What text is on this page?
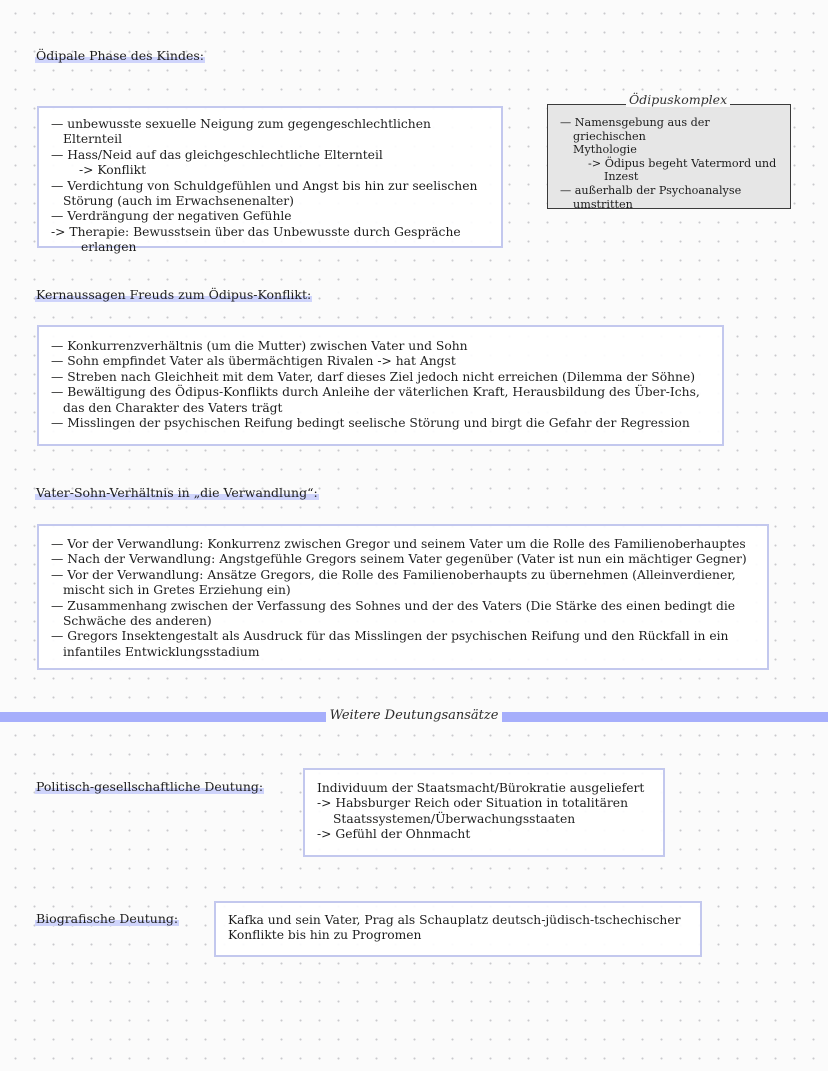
Ödipale Phase des Kindes:

— unbewusste sexuelle Neigung zum gegengeschlechtlichen Elternteil

— Hass/Neid auf das gleichgeschlechtliche Elternteil

-> Konflikt

— Verdichtung von Schuldgefühlen und Angst bis hin zur seelischen Störung (auch im Erwachsenenalter)

— Verdrängung der negativen Gefühle

-> Therapie: Bewusstsein über das Unbewusste durch Gespräche

erlangen

— Namensgebung aus der griechischen

Mythologie

-> Ödipus begeht Vatermord und

Inzest

— außerhalb der Psychoanalyse

umstritten

Ödipuskomplex
Kernaussagen Freuds zum Ödipus-Konflikt:

— Konkurrenzverhältnis (um die Mutter) zwischen Vater und Sohn

— Sohn empfindet Vater als übermächtigen Rivalen -> hat Angst

— Streben nach Gleichheit mit dem Vater, darf dieses Ziel jedoch nicht erreichen (Dilemma der Söhne)

— Bewältigung des Ödipus-Konflikts durch Anleihe der väterlichen Kraft, Herausbildung des Über-Ichs, das den Charakter des Vaters trägt

— Misslingen der psychischen Reifung bedingt seelische Störung und birgt die Gefahr der Regression

Vater-Sohn-Verhältnis in „die Verwandlung“:

— Vor der Verwandlung: Konkurrenz zwischen Gregor und seinem Vater um die Rolle des Familienoberhauptes

— Nach der Verwandlung: Angstgefühle Gregors seinem Vater gegenüber (Vater ist nun ein mächtiger Gegner)

— Vor der Verwandlung: Ansätze Gregors, die Rolle des Familienoberhaupts zu übernehmen (Alleinverdiener, mischt sich in Gretes Erziehung ein)

— Zusammenhang zwischen der Verfassung des Sohnes und der des Vaters (Die Stärke des einen bedingt die Schwäche des anderen)

— Gregors Insektengestalt als Ausdruck für das Misslingen der psychischen Reifung und den Rückfall in ein infantiles Entwicklungsstadium

Weitere Deutungsansätze
Politisch-gesellschaftliche Deutung:	Individuum der Staatsmacht/Bürokratie ausgeliefert

-> Habsburger Reich oder Situation in totalitären

Staatssystemen/Überwachungsstaaten

-> Gefühl der Ohnmacht

Biografische Deutung:	Kafka und sein Vater, Prag als Schauplatz deutsch-jüdisch-tschechischer Konflikte bis hin zu Progromen
